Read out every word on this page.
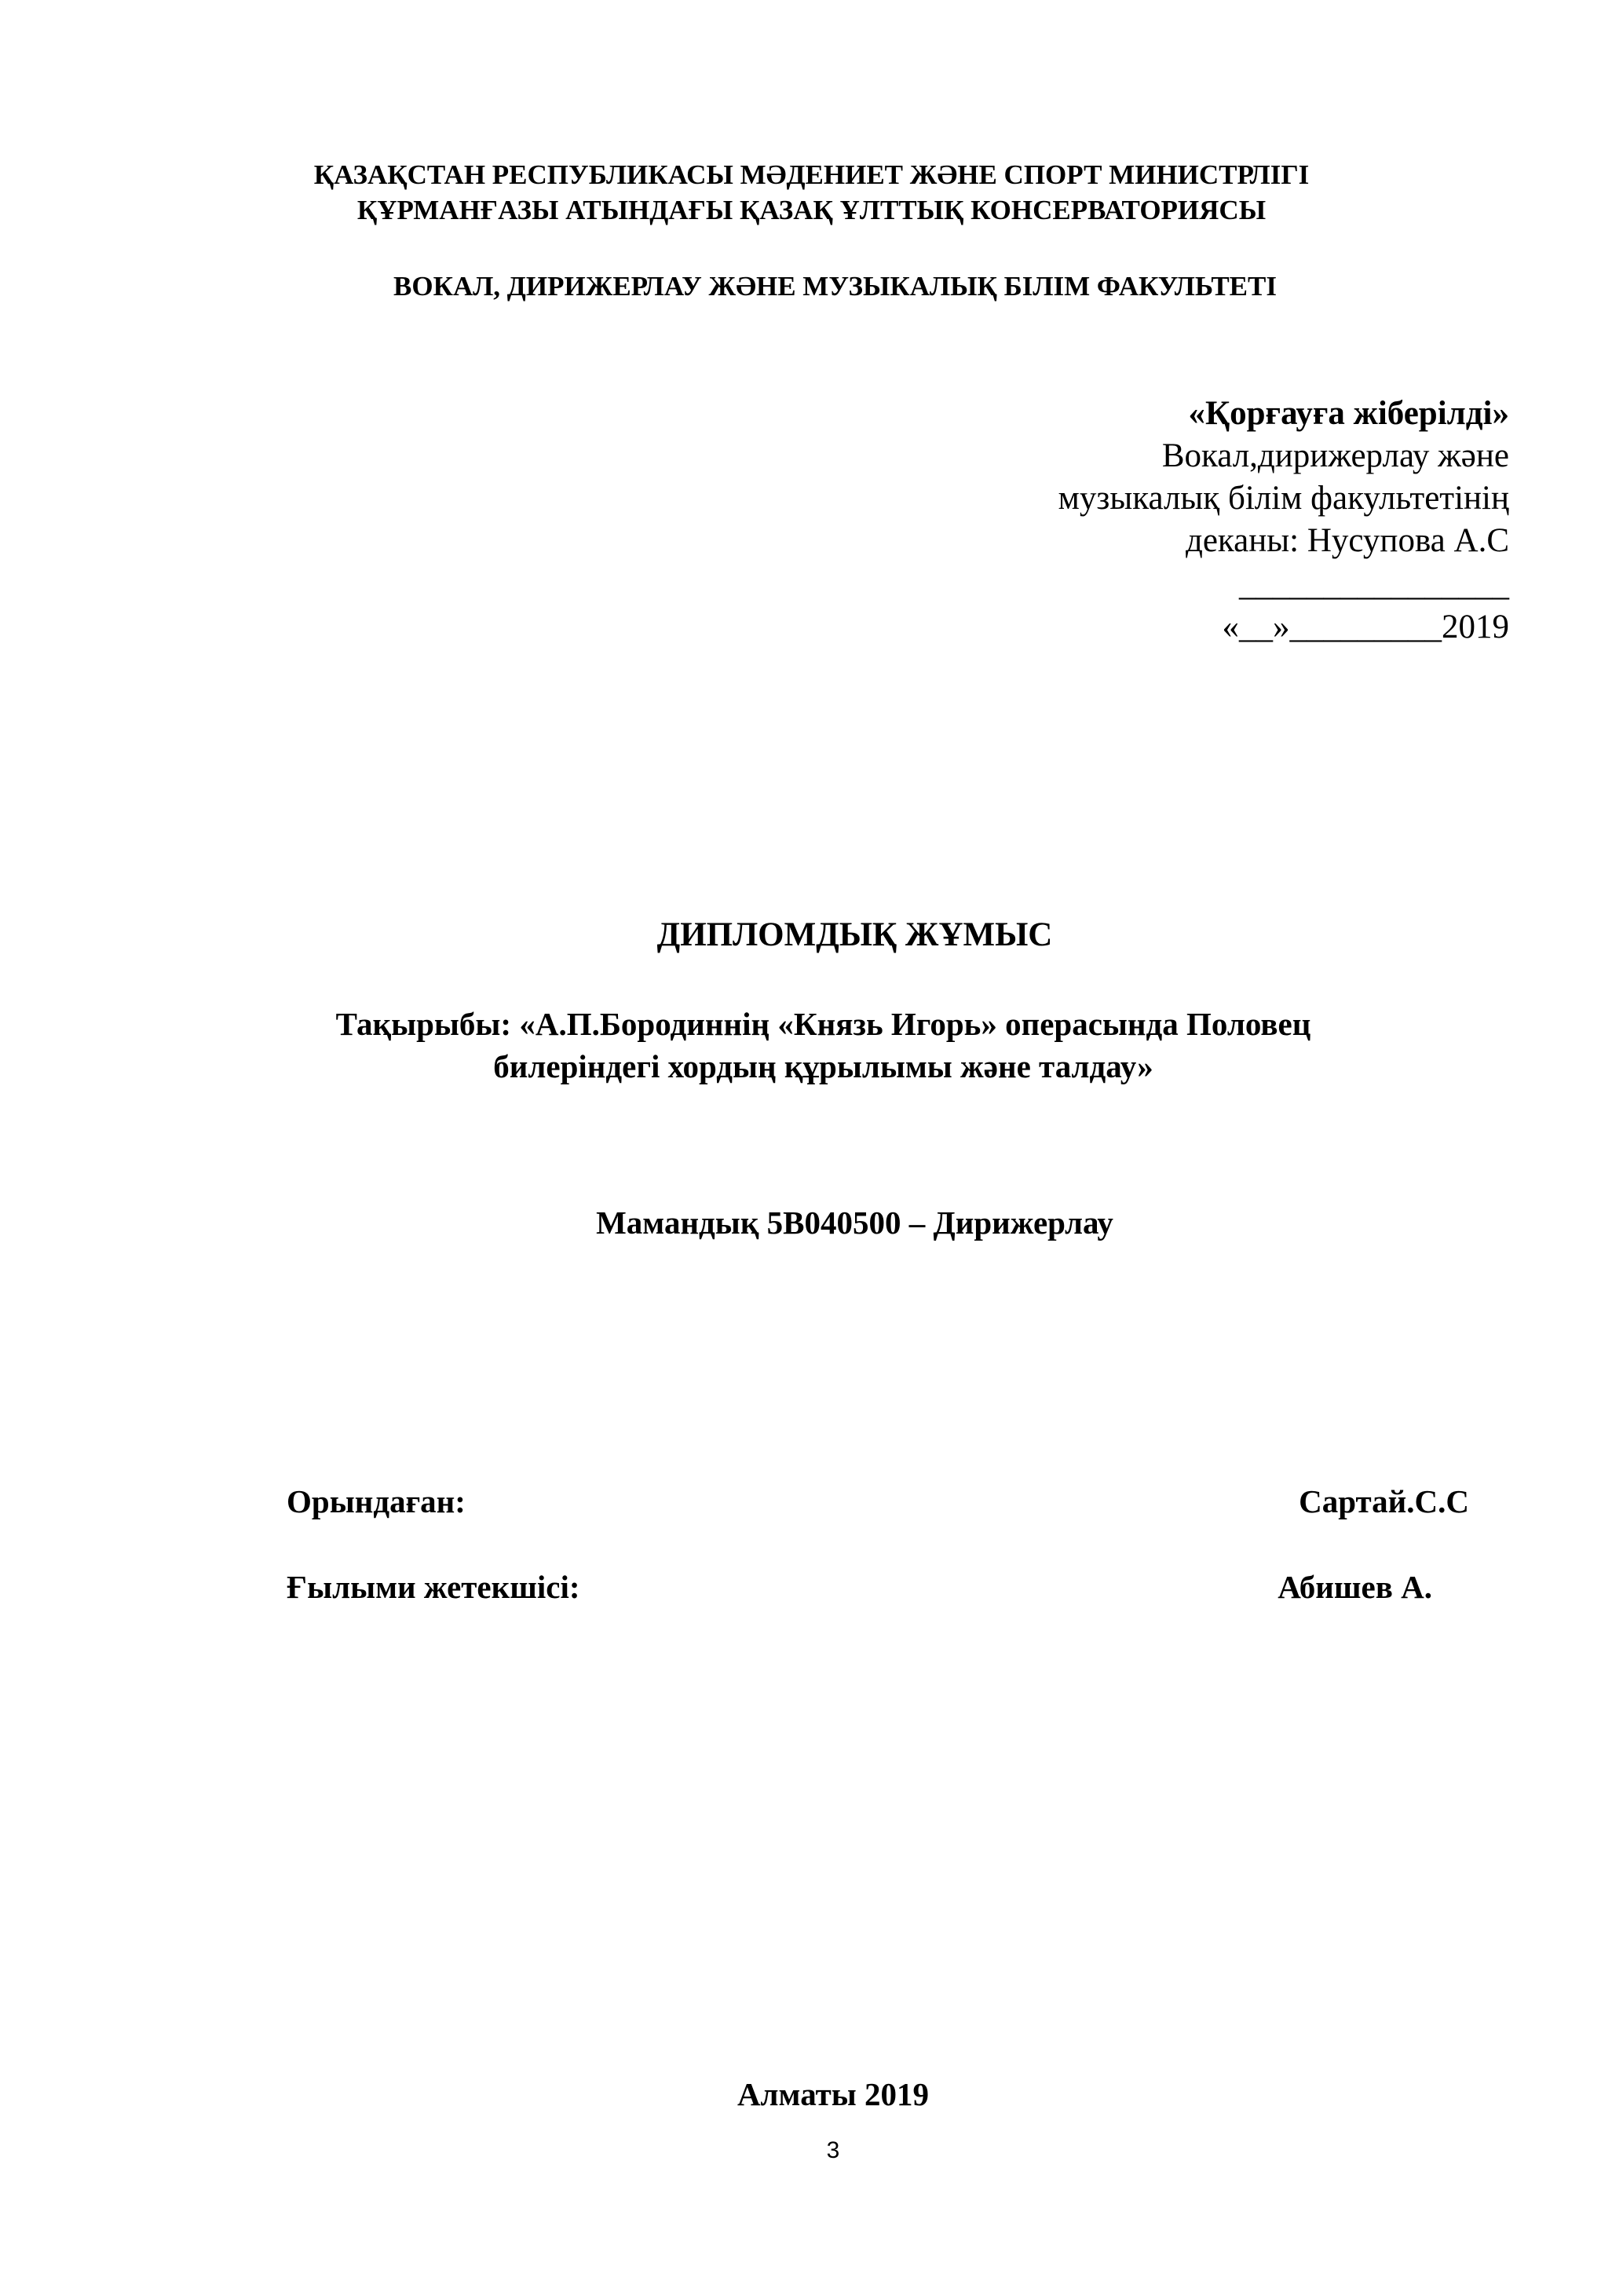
ҚАЗАҚСТАН РЕСПУБЛИКАСЫ МӘДЕНИЕТ ЖӘНЕ СПОРТ МИНИСТРЛІГІ
ҚҰРМАНҒАЗЫ АТЫНДАҒЫ ҚАЗАҚ ҰЛТТЫҚ КОНСЕРВАТОРИЯСЫ
ВОКАЛ, ДИРИЖЕРЛАУ ЖӘНЕ МУЗЫКАЛЫҚ БІЛІМ ФАКУЛЬТЕТІ
«Қорғауға жіберілді»
Вокал,дирижерлау және
музыкалық білім факультетінің
деканы: Нусупова А.С
________________
«__»_________2019
ДИПЛОМДЫҚ ЖҰМЫС
Тақырыбы: «А.П.Бородиннің «Князь Игорь» операсында Половец
билеріндегі хордың құрылымы және талдау»
Мамандық 5В040500 – Дирижерлау
Орындаған:	Сартай.С.С
Ғылыми жетекшісі:	Абишев А.
Алматы 2019
3
